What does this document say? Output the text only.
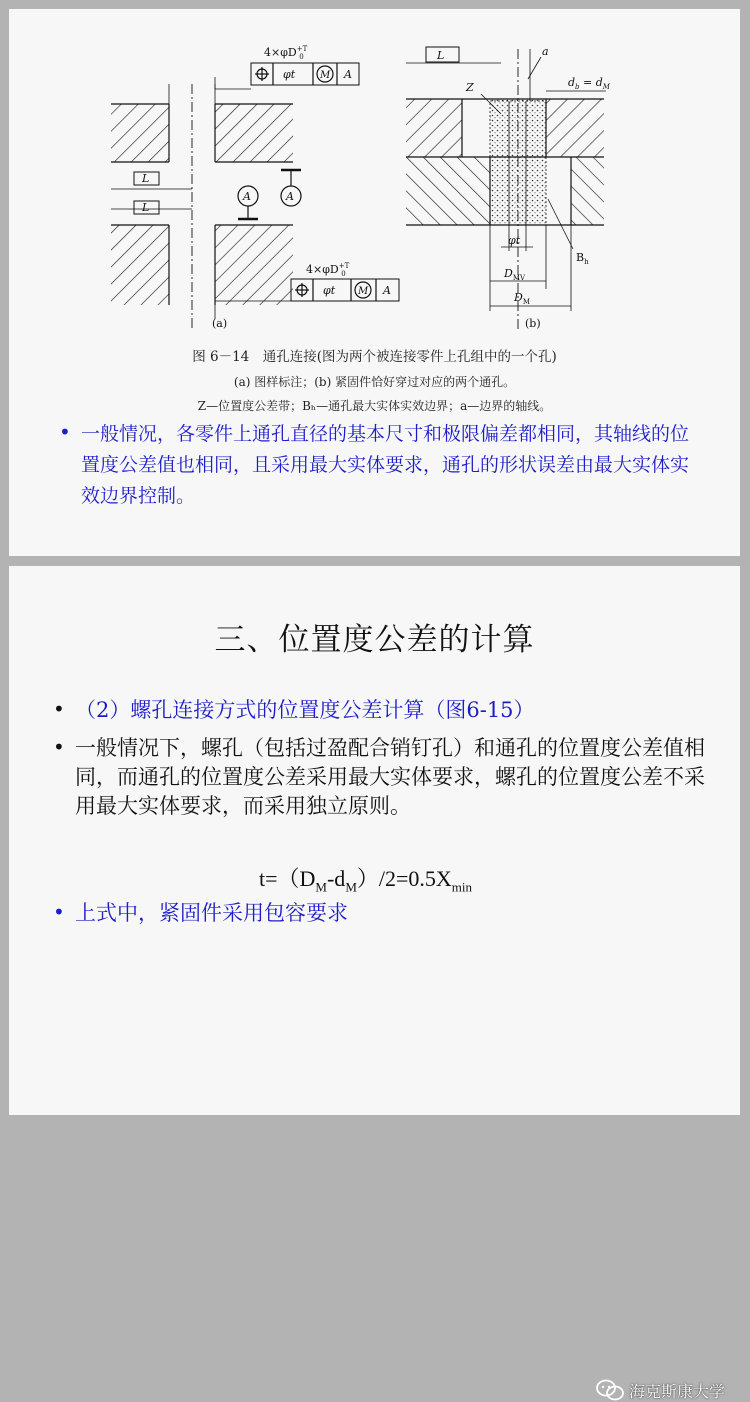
$4\times\varphi D^{+T}$ 0
φt M A
L
L
A	A
$4\times\varphi D^{+T}$ 0
φt M A
(a)
L	a
$d_b = d_M$
Z
φt
$D_{MV}$
$D_M$
$B_h$
(b)
图 6－14　通孔连接(图为两个被连接零件上孔组中的一个孔)
(a) 图样标注；(b) 紧固件恰好穿过对应的两个通孔。
Z—位置度公差带；Bₕ—通孔最大实体实效边界；a—边界的轴线。
• 一般情况，各零件上通孔直径的基本尺寸和极限偏差都相同，其轴线的位置度公差值也相同，且采用最大实体要求，通孔的形状误差由最大实体实效边界控制。
三、位置度公差的计算
• （2）螺孔连接方式的位置度公差计算（图6-15）
• 一般情况下，螺孔（包括过盈配合销钉孔）和通孔的位置度公差值相同，而通孔的位置度公差采用最大实体要求，螺孔的位置度公差不采用最大实体要求，而采用独立原则。
$t=(D_M-d_M)/2=0.5X_{min}$
• 上式中，紧固件采用包容要求
海克斯康大学
